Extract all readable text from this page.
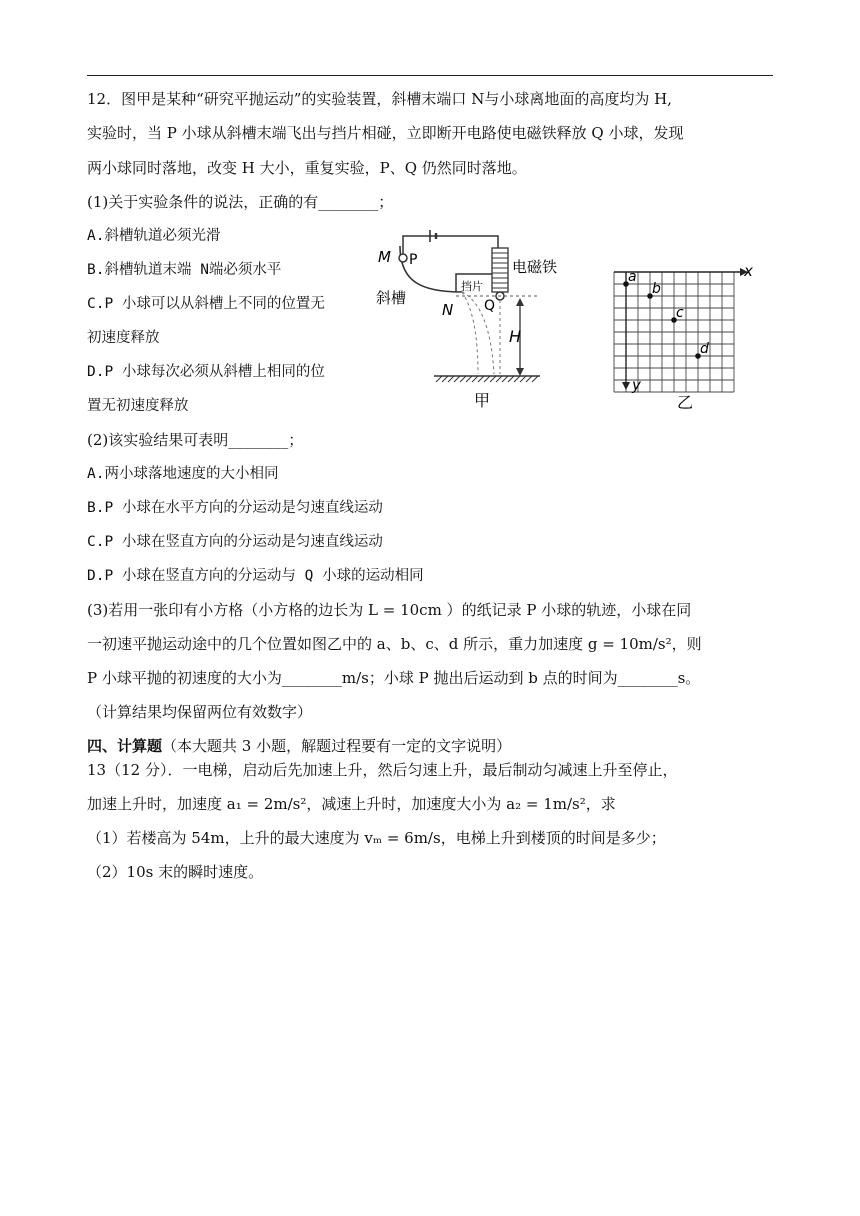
12．图甲是某种“研究平抛运动”的实验装置，斜槽末端口 N与小球离地面的高度均为 H,
实验时，当 P 小球从斜槽末端飞出与挡片相碰，立即断开电路使电磁铁释放 Q 小球，发现
两小球同时落地，改变 H 大小，重复实验，P、Q 仍然同时落地。
(1)关于实验条件的说法，正确的有________；
A.斜槽轨道必须光滑
B.斜槽轨道末端 N端必须水平
C.P 小球可以从斜槽上不同的位置无
初速度释放
D.P 小球每次必须从斜槽上相同的位
置无初速度释放
(2)该实验结果可表明________；
A.两小球落地速度的大小相同
B.P 小球在水平方向的分运动是匀速直线运动
C.P 小球在竖直方向的分运动是匀速直线运动
D.P 小球在竖直方向的分运动与 Q 小球的运动相同
(3)若用一张印有小方格（小方格的边长为 L = 10cm ）的纸记录 P 小球的轨迹，小球在同
一初速平抛运动途中的几个位置如图乙中的 a、b、c、d 所示，重力加速度 g = 10m/s²，则
P 小球平抛的初速度的大小为________m/s；小球 P 抛出后运动到 b 点的时间为________s。
（计算结果均保留两位有效数字）
四、计算题（本大题共 3 小题，解题过程要有一定的文字说明）
13（12 分）．一电梯，启动后先加速上升，然后匀速上升，最后制动匀减速上升至停止，
加速上升时，加速度 a₁ = 2m/s²，减速上升时，加速度大小为 a₂ = 1m/s²，求
（1）若楼高为 54m，上升的最大速度为 vₘ = 6m/s，电梯上升到楼顶的时间是多少；
（2）10s 末的瞬时速度。
M P	电磁铁
挡片
斜槽
N Q
H
甲
x
y
a
b
c
d
乙
